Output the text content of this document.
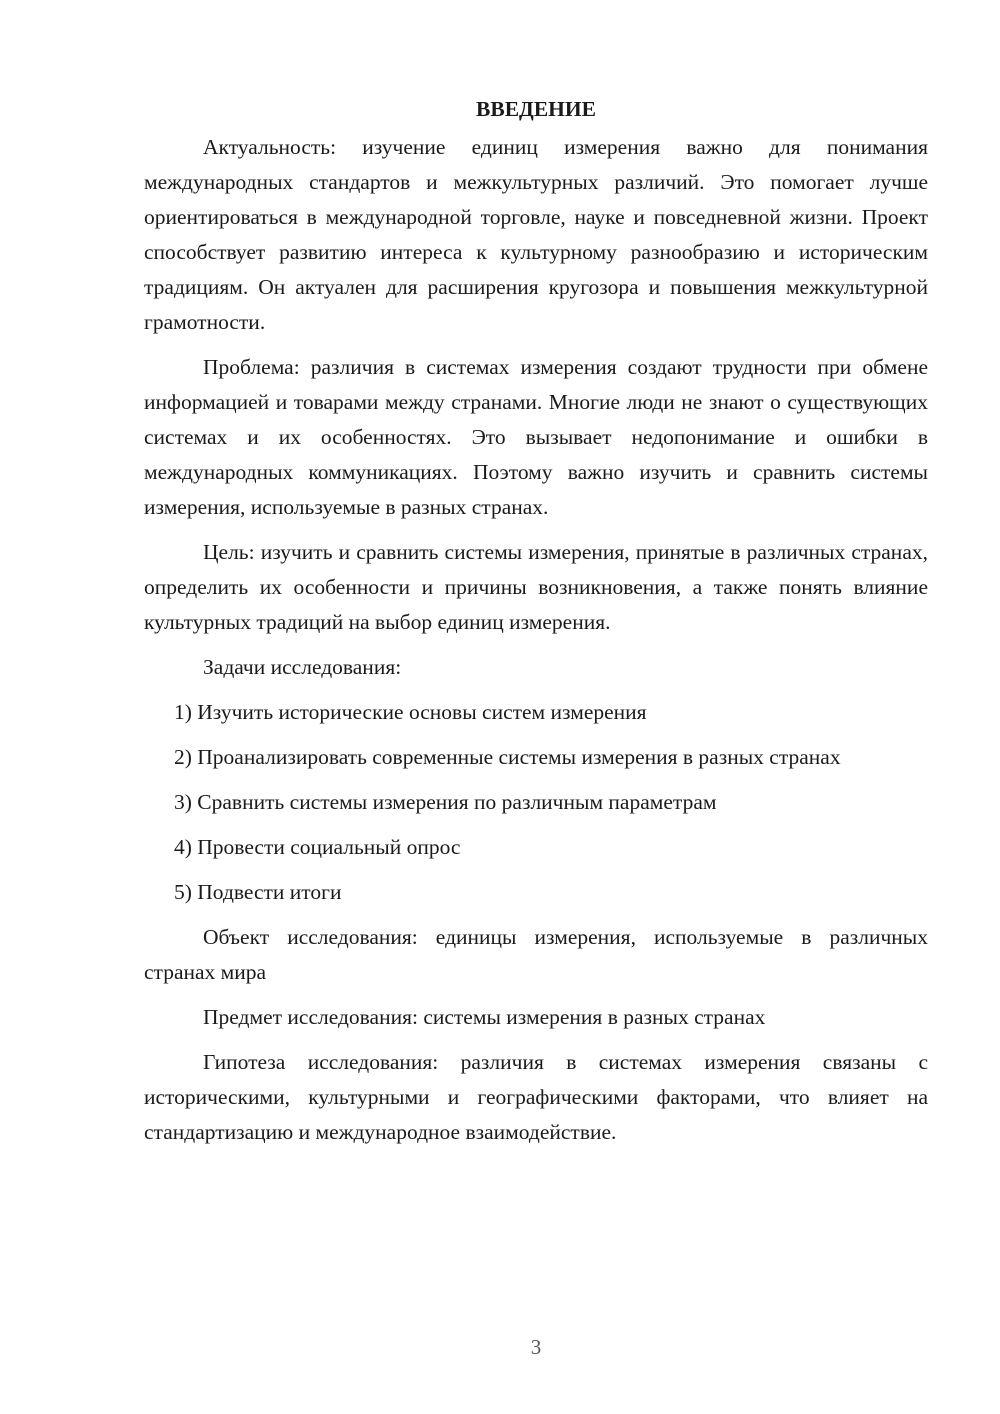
ВВЕДЕНИЕ

Актуальность: изучение единиц измерения важно для понимания международных стандартов и межкультурных различий. Это помогает лучше ориентироваться в международной торговле, науке и повседневной жизни. Проект способствует развитию интереса к культурному разнообразию и историческим традициям. Он актуален для расширения кругозора и повышения межкультурной грамотности.

Проблема: различия в системах измерения создают трудности при обмене информацией и товарами между странами. Многие люди не знают о существующих системах и их особенностях. Это вызывает недопонимание и ошибки в международных коммуникациях. Поэтому важно изучить и сравнить системы измерения, используемые в разных странах.

Цель: изучить и сравнить системы измерения, принятые в различных странах, определить их особенности и причины возникновения, а также понять влияние культурных традиций на выбор единиц измерения.

Задачи исследования:

1) Изучить исторические основы систем измерения

2) Проанализировать современные системы измерения в разных странах

3) Сравнить системы измерения по различным параметрам

4) Провести социальный опрос

5) Подвести итоги

Объект исследования: единицы измерения, используемые в различных странах мира

Предмет исследования: системы измерения в разных странах

Гипотеза исследования: различия в системах измерения связаны с историческими, культурными и географическими факторами, что влияет на стандартизацию и международное взаимодействие.

3
